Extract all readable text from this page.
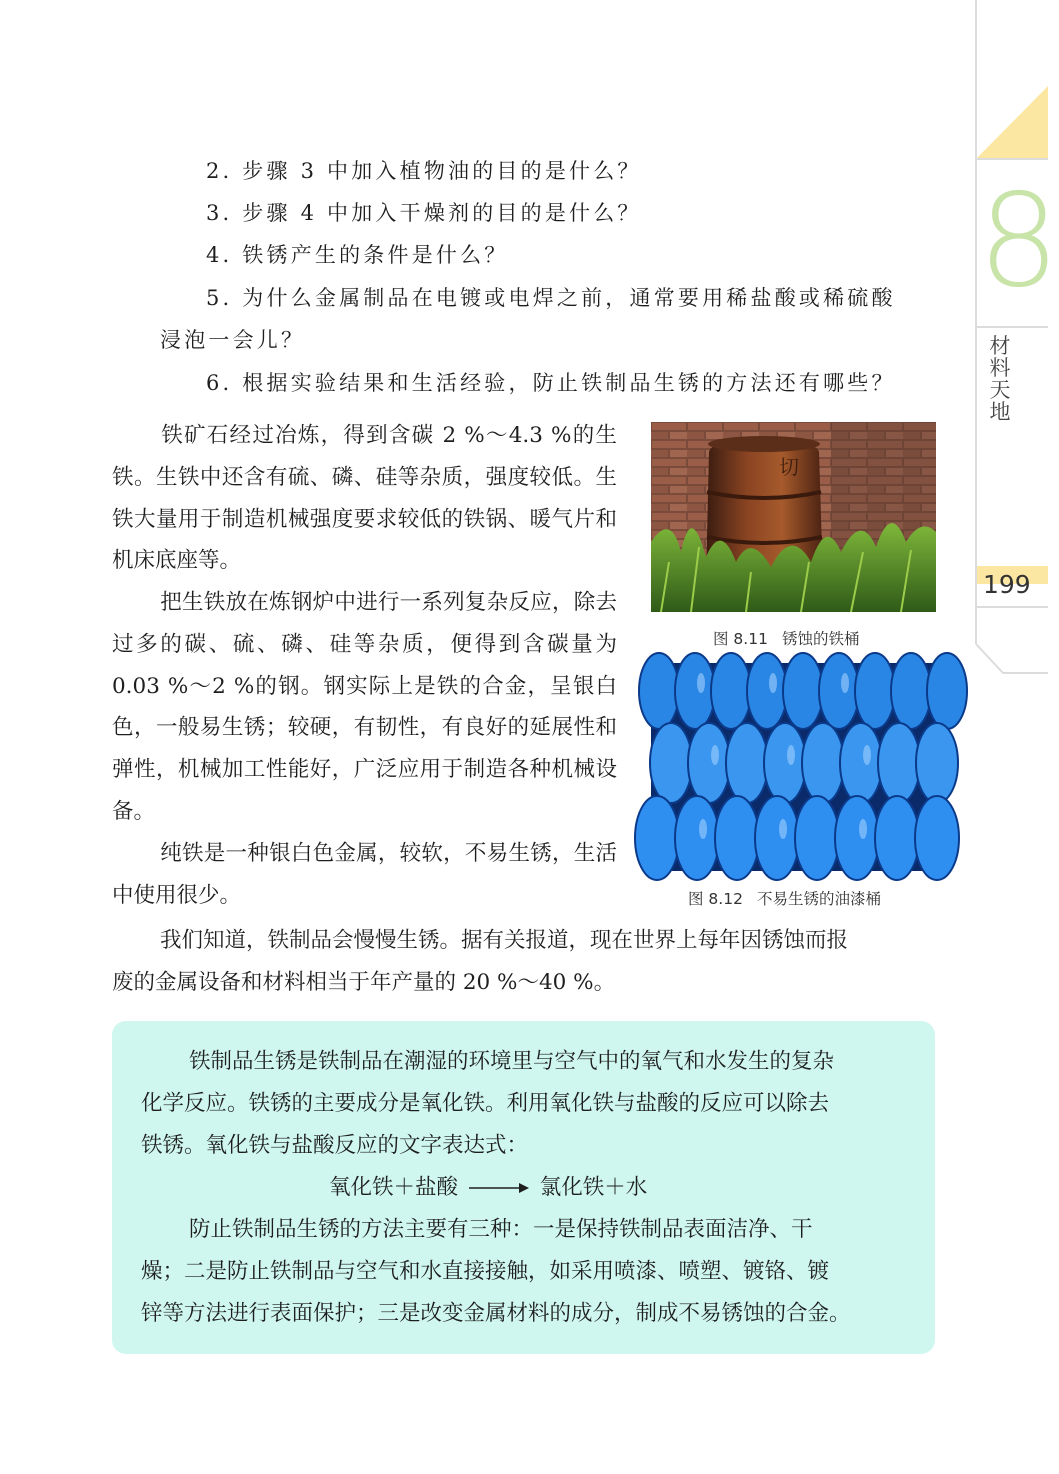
2. 步骤 3 中加入植物油的目的是什么？
3. 步骤 4 中加入干燥剂的目的是什么？
4. 铁锈产生的条件是什么？
5. 为什么金属制品在电镀或电焊之前，通常要用稀盐酸或稀硫酸
浸泡一会儿？
6. 根据实验结果和生活经验，防止铁制品生锈的方法还有哪些？

铁矿石经过冶炼，得到含碳 2 %～4.3 %的生铁。生铁中还含有硫、磷、硅等杂质，强度较低。生铁大量用于制造机械强度要求较低的铁锅、暖气片和机床底座等。

把生铁放在炼钢炉中进行一系列复杂反应，除去过多的碳、硫、磷、硅等杂质，便得到含碳量为 0.03 %～2 %的钢。钢实际上是铁的合金，呈银白色，一般易生锈；较硬，有韧性，有良好的延展性和弹性，机械加工性能好，广泛应用于制造各种机械设备。

纯铁是一种银白色金属，较软，不易生锈，生活中使用很少。

我们知道，铁制品会慢慢生锈。据有关报道，现在世界上每年因锈蚀而报
废的金属设备和材料相当于年产量的 20 %～40 %。
切
图 8.11 锈蚀的铁桶
图 8.12 不易生锈的油漆桶
铁制品生锈是铁制品在潮湿的环境里与空气中的氧气和水发生的复杂
化学反应。铁锈的主要成分是氧化铁。利用氧化铁与盐酸的反应可以除去
铁锈。氧化铁与盐酸反应的文字表达式：
氧化铁＋盐酸 → 氯化铁＋水
防止铁制品生锈的方法主要有三种：一是保持铁制品表面洁净、干
燥；二是防止铁制品与空气和水直接接触，如采用喷漆、喷塑、镀铬、镀
锌等方法进行表面保护；三是改变金属材料的成分，制成不易锈蚀的合金。
8
材料天地
199
